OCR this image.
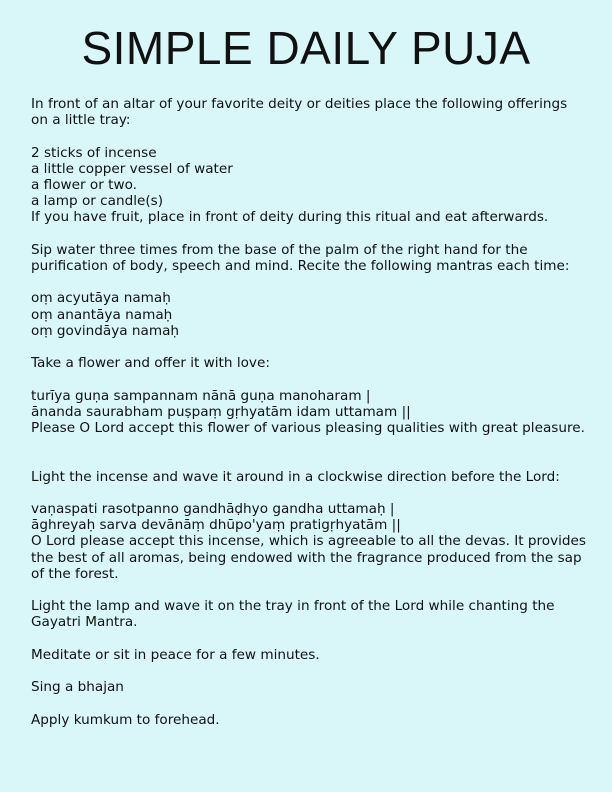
SIMPLE DAILY PUJA

In front of an altar of your favorite deity or deities place the following offerings
on a little tray:

2 sticks of incense
a little copper vessel of water
a flower or two.
a lamp or candle(s)
If you have fruit, place in front of deity during this ritual and eat afterwards.

Sip water three times from the base of the palm of the right hand for the
purification of body, speech and mind. Recite the following mantras each time:

oṃ acyutāya namaḥ
oṃ anantāya namaḥ
oṃ govindāya namaḥ

Take a flower and offer it with love:

turīya guṇa sampannam nānā guṇa manoharam |
ānanda saurabham puṣpaṃ gṛhyatām idam uttamam ||
Please O Lord accept this flower of various pleasing qualities with great pleasure.

Light the incense and wave it around in a clockwise direction before the Lord:

vaṇaspati rasotpanno gandhāḍhyo gandha uttamaḥ |
āghreyaḥ sarva devānāṃ dhūpo'yaṃ pratigṛhyatām ||
O Lord please accept this incense, which is agreeable to all the devas. It provides
the best of all aromas, being endowed with the fragrance produced from the sap
of the forest.

Light the lamp and wave it on the tray in front of the Lord while chanting the
Gayatri Mantra.

Meditate or sit in peace for a few minutes.

Sing a bhajan

Apply kumkum to forehead.
